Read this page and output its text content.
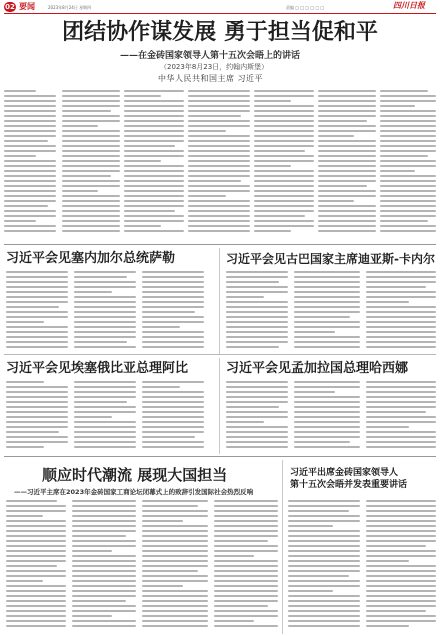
02 要闻	2023年8月24日 星期四	责编 □ □ □ □ □ □	四川日报
团结协作谋发展 勇于担当促和平
——在金砖国家领导人第十五次会晤上的讲话
（2023年8月23日，约翰内斯堡）
中华人民共和国主席 习近平
习近平会见塞内加尔总统萨勒	习近平会见古巴国家主席迪亚斯-卡内尔
习近平会见埃塞俄比亚总理阿比	习近平会见孟加拉国总理哈西娜
顺应时代潮流 展现大国担当
——习近平主席在2023年金砖国家工商论坛闭幕式上的致辞引发国际社会热烈反响
习近平出席金砖国家领导人
第十五次会晤并发表重要讲话
